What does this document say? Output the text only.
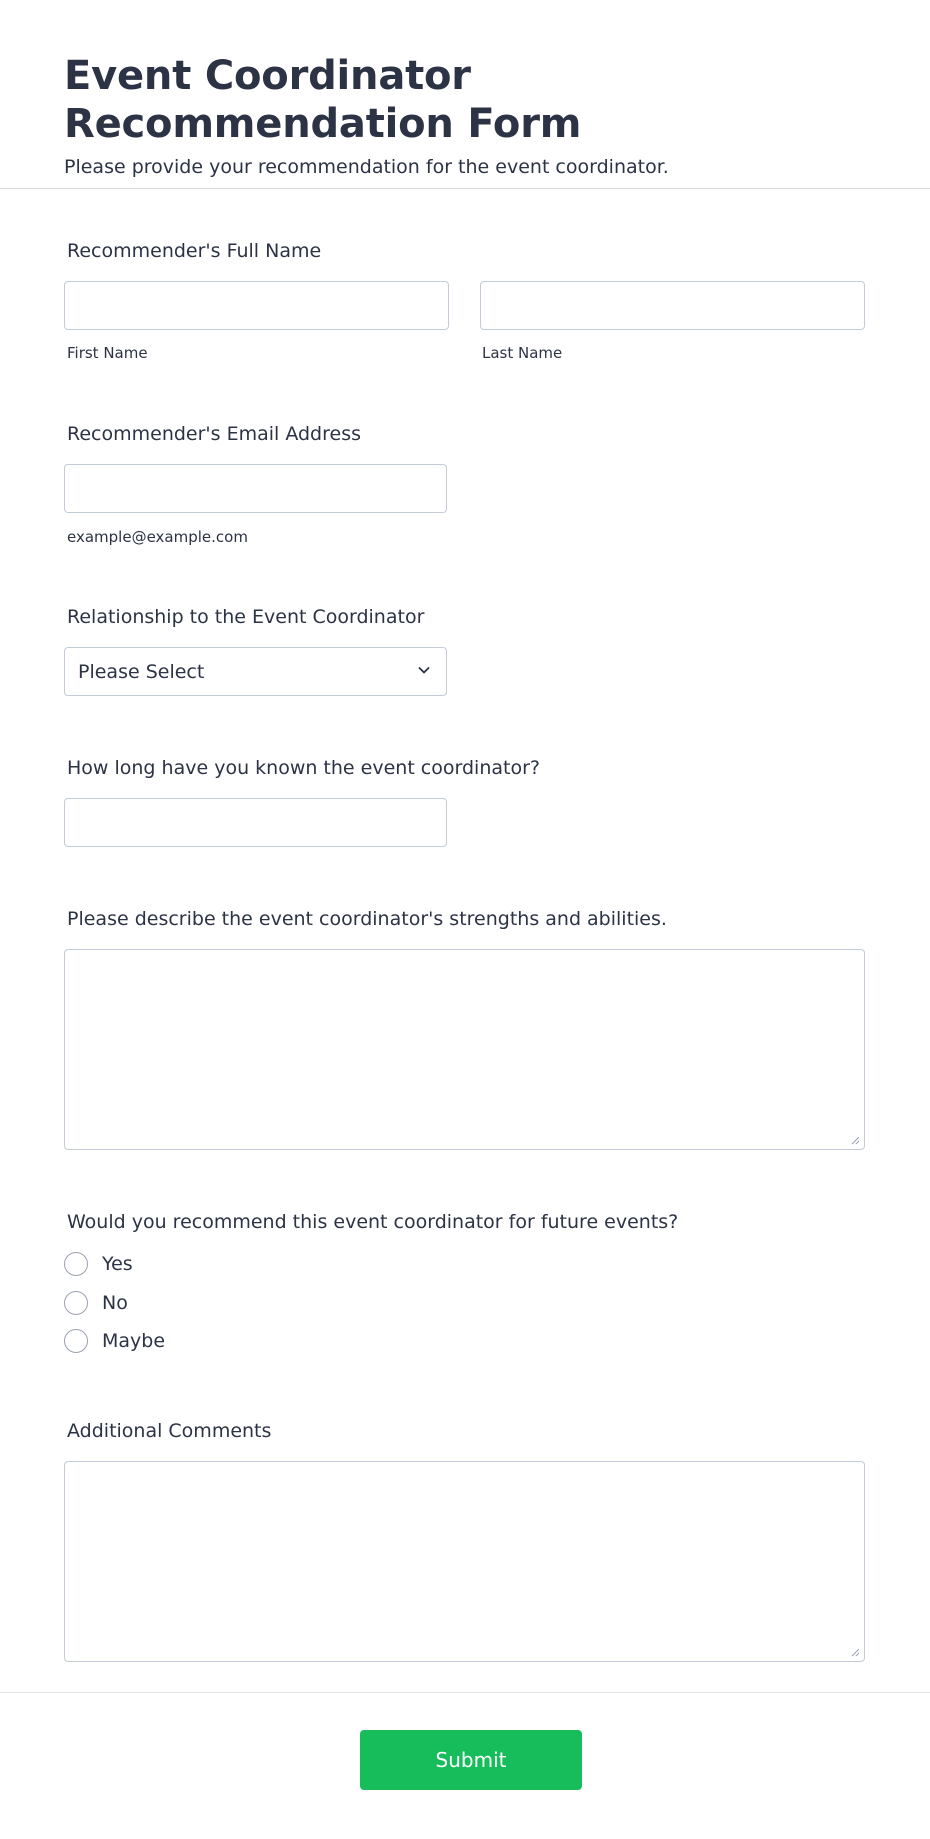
Event Coordinator Recommendation Form
Please provide your recommendation for the event coordinator.
Recommender's Full Name
First Name	Last Name
Recommender's Email Address
example@example.com
Relationship to the Event Coordinator
Please Select
How long have you known the event coordinator?
Please describe the event coordinator's strengths and abilities.
Would you recommend this event coordinator for future events?
Yes
No
Maybe
Additional Comments
Submit
